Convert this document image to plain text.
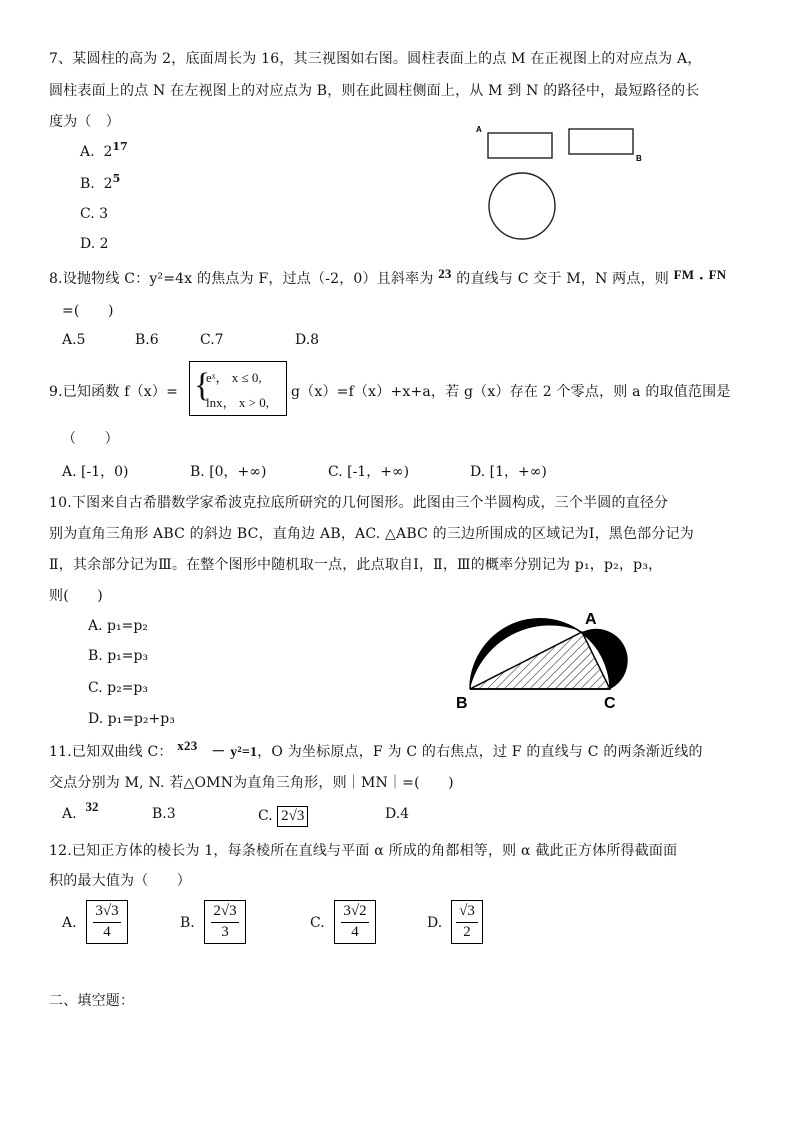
7、某圆柱的高为 2，底面周长为 16，其三视图如右图。圆柱表面上的点 M 在正视图上的对应点为 A，
圆柱表面上的点 N 在左视图上的对应点为 B，则在此圆柱侧面上，从 M 到 N 的路径中，最短路径的长
度为（　）
A. $2^{17}$
B. $2^5$
C. 3
D. 2
A
B
8.设抛物线 C：y²=4x 的焦点为 F，过点（-2，0）且斜率为 23 的直线与 C 交于 M，N 两点，则 FM · FN
=(　　)
A.5	B.6	C.7	D.8
9.已知函数 f（x）= {
eˣ， x ≤ 0,
lnx， x > 0,
g（x）=f（x）+x+a，若 g（x）存在 2 个零点，则 a 的取值范围是
（　　）
A. [-1，0)	B. [0，+∞)	C. [-1，+∞)	D. [1，+∞)
10.下图来自古希腊数学家希波克拉底所研究的几何图形。此图由三个半圆构成，三个半圆的直径分
别为直角三角形 ABC 的斜边 BC，直角边 AB，AC. △ABC 的三边所围成的区域记为Ⅰ，黑色部分记为
Ⅱ，其余部分记为Ⅲ。在整个图形中随机取一点，此点取自Ⅰ，Ⅱ，Ⅲ的概率分别记为 p₁，p₂，p₃，
则(　　)
A. p₁=p₂
B. p₁=p₃
C. p₂=p₃
D. p₁=p₂+p₃
A
B	C
11.已知双曲线 C： x23 － y²=1，O 为坐标原点，F 为 C 的右焦点，过 F 的直线与 C 的两条渐近线的
交点分别为 M, N. 若△OMN为直角三角形，则｜MN｜=(　　)
A. 32	B.3	C. 2√3	D.4
12.已知正方体的棱长为 1，每条棱所在直线与平面 α 所成的角都相等，则 α 截此正方体所得截面面
积的最大值为（　　）
A.
3√3
4
B.
2√3
3
C.
3√2
4
D.
√3
2
二、填空题：
